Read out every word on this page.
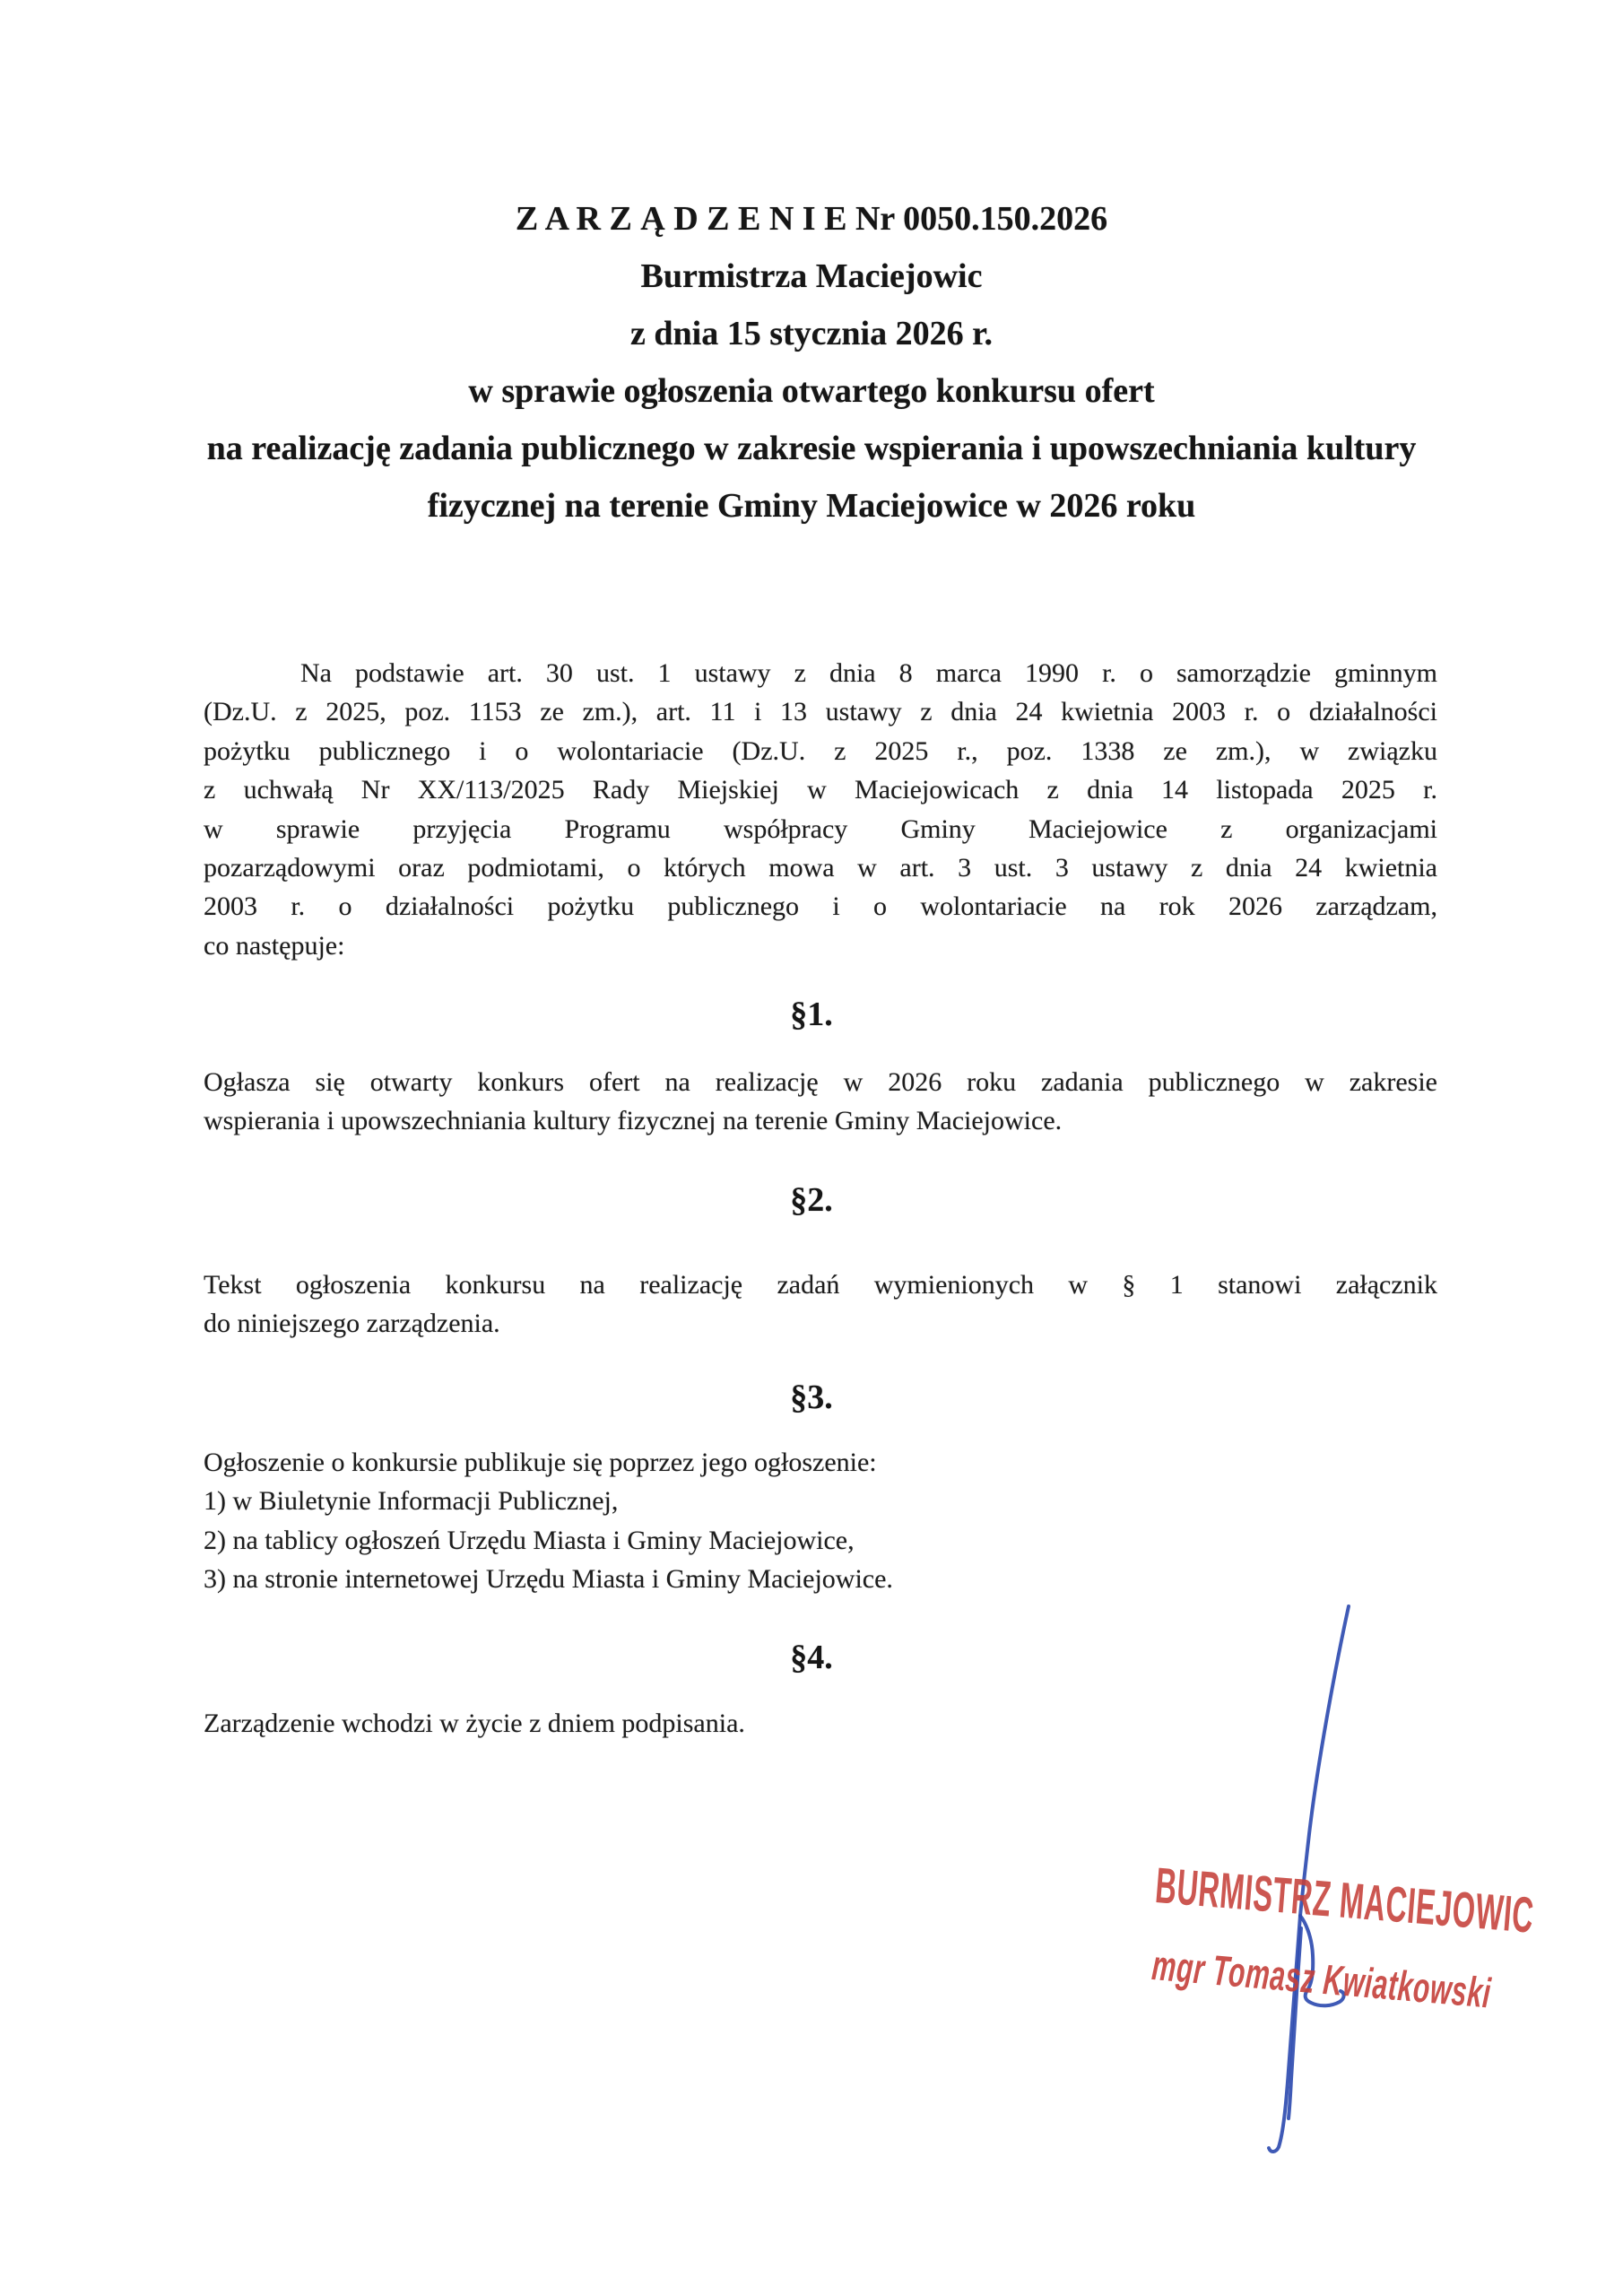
Z A R Z Ą D Z E N I E Nr 0050.150.2026
Burmistrza Maciejowic
z dnia 15 stycznia 2026 r.
w sprawie ogłoszenia otwartego konkursu ofert
na realizację zadania publicznego w zakresie wspierania i upowszechniania kultury
fizycznej na terenie Gminy Maciejowice w 2026 roku
Na podstawie art. 30 ust. 1 ustawy z dnia 8 marca 1990 r. o samorządzie gminnym
(Dz.U. z 2025, poz. 1153 ze zm.), art. 11 i 13 ustawy z dnia 24 kwietnia 2003 r. o działalności
pożytku publicznego i o wolontariacie (Dz.U. z 2025 r., poz. 1338 ze zm.), w związku
z uchwałą Nr XX/113/2025 Rady Miejskiej w Maciejowicach z dnia 14 listopada 2025 r.
w sprawie przyjęcia Programu współpracy Gminy Maciejowice z organizacjami
pozarządowymi oraz podmiotami, o których mowa w art. 3 ust. 3 ustawy z dnia 24 kwietnia
2003 r. o działalności pożytku publicznego i o wolontariacie na rok 2026 zarządzam,
co następuje:
§1.
Ogłasza się otwarty konkurs ofert na realizację w 2026 roku zadania publicznego w zakresie
wspierania i upowszechniania kultury fizycznej na terenie Gminy Maciejowice.
§2.
Tekst ogłoszenia konkursu na realizację zadań wymienionych w § 1 stanowi załącznik
do niniejszego zarządzenia.
§3.
Ogłoszenie o konkursie publikuje się poprzez jego ogłoszenie:
1) w Biuletynie Informacji Publicznej,
2) na tablicy ogłoszeń Urzędu Miasta i Gminy Maciejowice,
3) na stronie internetowej Urzędu Miasta i Gminy Maciejowice.
§4.
Zarządzenie wchodzi w życie z dniem podpisania.
BURMISTRZ MACIEJOWIC
mgr Tomasz Kwiatkowski
